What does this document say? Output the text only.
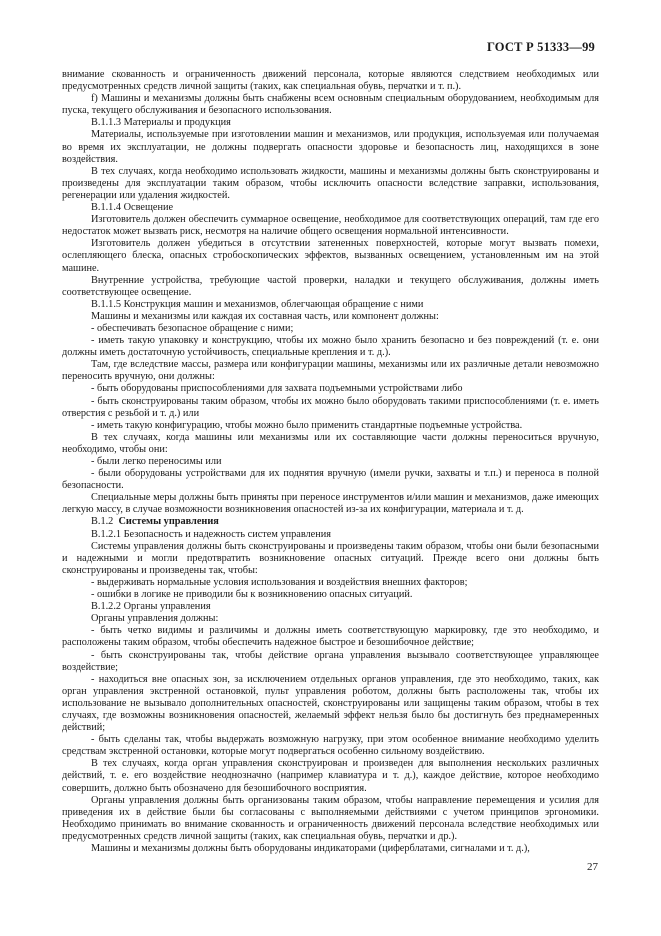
ГОСТ Р 51333—99

внимание скованность и ограниченность движений персонала, которые являются следствием необходимых или предусмотренных средств личной защиты (таких, как специальная обувь, перчатки и т. п.).

f) Машины и механизмы должны быть снабжены всем основным специальным оборудованием, необходимым для пуска, текущего обслуживания и безопасного использования.

В.1.1.3 Материалы и продукция

Материалы, используемые при изготовлении машин и механизмов, или продукция, используемая или получаемая во время их эксплуатации, не должны подвергать опасности здоровье и безопасность лиц, находящихся в зоне воздействия.

В тех случаях, когда необходимо использовать жидкости, машины и механизмы должны быть сконструированы и произведены для эксплуатации таким образом, чтобы исключить опасности вследствие заправки, использования, регенерации или удаления жидкостей.

В.1.1.4 Освещение

Изготовитель должен обеспечить суммарное освещение, необходимое для соответствующих операций, там где его недостаток может вызвать риск, несмотря на наличие общего освещения нормальной интенсивности.

Изготовитель должен убедиться в отсутствии затененных поверхностей, которые могут вызвать помехи, ослепляющего блеска, опасных стробоскопических эффектов, вызванных освещением, установленным им на этой машине.

Внутренние устройства, требующие частой проверки, наладки и текущего обслуживания, должны иметь соответствующее освещение.

В.1.1.5 Конструкция машин и механизмов, облегчающая обращение с ними

Машины и механизмы или каждая их составная часть, или компонент должны:

- обеспечивать безопасное обращение с ними;

- иметь такую упаковку и конструкцию, чтобы их можно было хранить безопасно и без повреждений (т. е. они должны иметь достаточную устойчивость, специальные крепления и т. д.).

Там, где вследствие массы, размера или конфигурации машины, механизмы или их различные детали невозможно переносить вручную, они должны:

- быть оборудованы приспособлениями для захвата подъемными устройствами либо

- быть сконструированы таким образом, чтобы их можно было оборудовать такими приспособлениями (т. е. иметь отверстия с резьбой и т. д.) или

- иметь такую конфигурацию, чтобы можно было применить стандартные подъемные устройства.

В тех случаях, когда машины или механизмы или их составляющие части должны переноситься вручную, необходимо, чтобы они:

- были легко переносимы или

- были оборудованы устройствами для их поднятия вручную (имели ручки, захваты и т.п.) и переноса в полной безопасности.

Специальные меры должны быть приняты при переносе инструментов и/или машин и механизмов, даже имеющих легкую массу, в случае возможности возникновения опасностей из-за их конфигурации, материала и т. д.

В.1.2 Системы управления

В.1.2.1 Безопасность и надежность систем управления

Системы управления должны быть сконструированы и произведены таким образом, чтобы они были безопасными и надежными и могли предотвратить возникновение опасных ситуаций. Прежде всего они должны быть сконструированы и произведены так, чтобы:

- выдерживать нормальные условия использования и воздействия внешних факторов;

- ошибки в логике не приводили бы к возникновению опасных ситуаций.

В.1.2.2 Органы управления

Органы управления должны:

- быть четко видимы и различимы и должны иметь соответствующую маркировку, где это необходимо, и расположены таким образом, чтобы обеспечить надежное быстрое и безошибочное действие;

- быть сконструированы так, чтобы действие органа управления вызывало соответствующее управляющее воздействие;

- находиться вне опасных зон, за исключением отдельных органов управления, где это необходимо, таких, как орган управления экстренной остановкой, пульт управления роботом, должны быть расположены так, чтобы их использование не вызывало дополнительных опасностей, сконструированы или защищены таким образом, чтобы в тех случаях, где возможны возникновения опасностей, желаемый эффект нельзя было бы достигнуть без преднамеренных действий;

- быть сделаны так, чтобы выдержать возможную нагрузку, при этом особенное внимание необходимо уделить средствам экстренной остановки, которые могут подвергаться особенно сильному воздействию.

В тех случаях, когда орган управления сконструирован и произведен для выполнения нескольких различных действий, т. е. его воздействие неоднозначно (например клавиатура и т. д.), каждое действие, которое необходимо совершить, должно быть обозначено для безошибочного восприятия.

Органы управления должны быть организованы таким образом, чтобы направление перемещения и усилия для приведения их в действие были бы согласованы с выполняемыми действиями с учетом принципов эргономики. Необходимо принимать во внимание скованность и ограниченность движений персонала вследствие необходимых или предусмотренных средств личной защиты (таких, как специальная обувь, перчатки и др.).

Машины и механизмы должны быть оборудованы индикаторами (циферблатами, сигналами и т. д.),

27
